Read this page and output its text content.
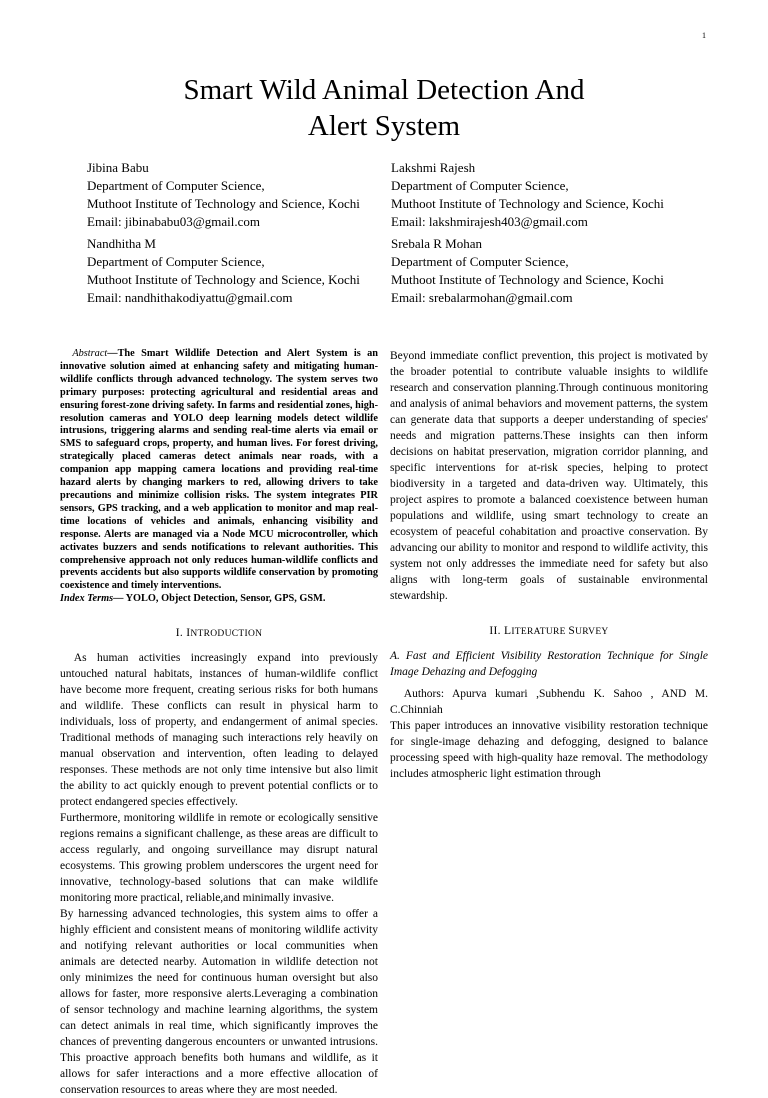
1
Smart Wild Animal Detection And
Alert System
Jibina Babu
Department of Computer Science,
Muthoot Institute of Technology and Science, Kochi
Email: jibinababu03@gmail.com
Lakshmi Rajesh
Department of Computer Science,
Muthoot Institute of Technology and Science, Kochi
Email: lakshmirajesh403@gmail.com
Nandhitha M
Department of Computer Science,
Muthoot Institute of Technology and Science, Kochi
Email: nandhithakodiyattu@gmail.com
Srebala R Mohan
Department of Computer Science,
Muthoot Institute of Technology and Science, Kochi
Email: srebalarmohan@gmail.com

Abstract—The Smart Wildlife Detection and Alert System is an innovative solution aimed at enhancing safety and mitigating human-wildlife conflicts through advanced technology. The system serves two primary purposes: protecting agricultural and residential areas and ensuring forest-zone driving safety. In farms and residential zones, high-resolution cameras and YOLO deep learning models detect wildlife intrusions, triggering alarms and sending real-time alerts via email or SMS to safeguard crops, property, and human lives. For forest driving, strategically placed cameras detect animals near roads, with a companion app mapping camera locations and providing real-time hazard alerts by changing markers to red, allowing drivers to take precautions and minimize collision risks. The system integrates PIR sensors, GPS tracking, and a web application to monitor and map real-time locations of vehicles and animals, enhancing visibility and response. Alerts are managed via a Node MCU microcontroller, which activates buzzers and sends notifications to relevant authorities. This comprehensive approach not only reduces human-wildlife conflicts and prevents accidents but also supports wildlife conservation by promoting coexistence and timely interventions.

Index Terms— YOLO, Object Detection, Sensor, GPS, GSM.

I. INTRODUCTION

As human activities increasingly expand into previously untouched natural habitats, instances of human-wildlife conflict have become more frequent, creating serious risks for both humans and wildlife. These conflicts can result in physical harm to individuals, loss of property, and endangerment of animal species. Traditional methods of managing such interactions rely heavily on manual observation and intervention, often leading to delayed responses. These methods are not only time intensive but also limit the ability to act quickly enough to prevent potential conflicts or to protect endangered species effectively.

Furthermore, monitoring wildlife in remote or ecologically sensitive regions remains a significant challenge, as these areas are difficult to access regularly, and ongoing surveillance may disrupt natural ecosystems. This growing problem underscores the urgent need for innovative, technology-based solutions that can make wildlife monitoring more practical, reliable,and minimally invasive.

By harnessing advanced technologies, this system aims to offer a highly efficient and consistent means of monitoring wildlife activity and notifying relevant authorities or local communities when animals are detected nearby. Automation in wildlife detection not only minimizes the need for continuous human oversight but also allows for faster, more responsive alerts.Leveraging a combination of sensor technology and machine learning algorithms, the system can detect animals in real time, which significantly improves the chances of preventing dangerous encounters or unwanted intrusions. This proactive approach benefits both humans and wildlife, as it allows for safer interactions and a more effective allocation of conservation resources to areas where they are most needed.

Beyond immediate conflict prevention, this project is motivated by the broader potential to contribute valuable insights to wildlife research and conservation planning.Through continuous monitoring and analysis of animal behaviors and movement patterns, the system can generate data that supports a deeper understanding of species' needs and migration patterns.These insights can then inform decisions on habitat preservation, migration corridor planning, and specific interventions for at-risk species, helping to protect biodiversity in a targeted and data-driven way. Ultimately, this project aspires to promote a balanced coexistence between human populations and wildlife, using smart technology to create an ecosystem of peaceful cohabitation and proactive conservation. By advancing our ability to monitor and respond to wildlife activity, this system not only addresses the immediate need for safety but also aligns with long-term goals of sustainable environmental stewardship.

II. LITERATURE SURVEY

A. Fast and Efficient Visibility Restoration Technique for Single Image Dehazing and Defogging

Authors: Apurva kumari ,Subhendu K. Sahoo , AND M. C.Chinniah

This paper introduces an innovative visibility restoration technique for single-image dehazing and defogging, designed to balance processing speed with high-quality haze removal. The methodology includes atmospheric light estimation through
